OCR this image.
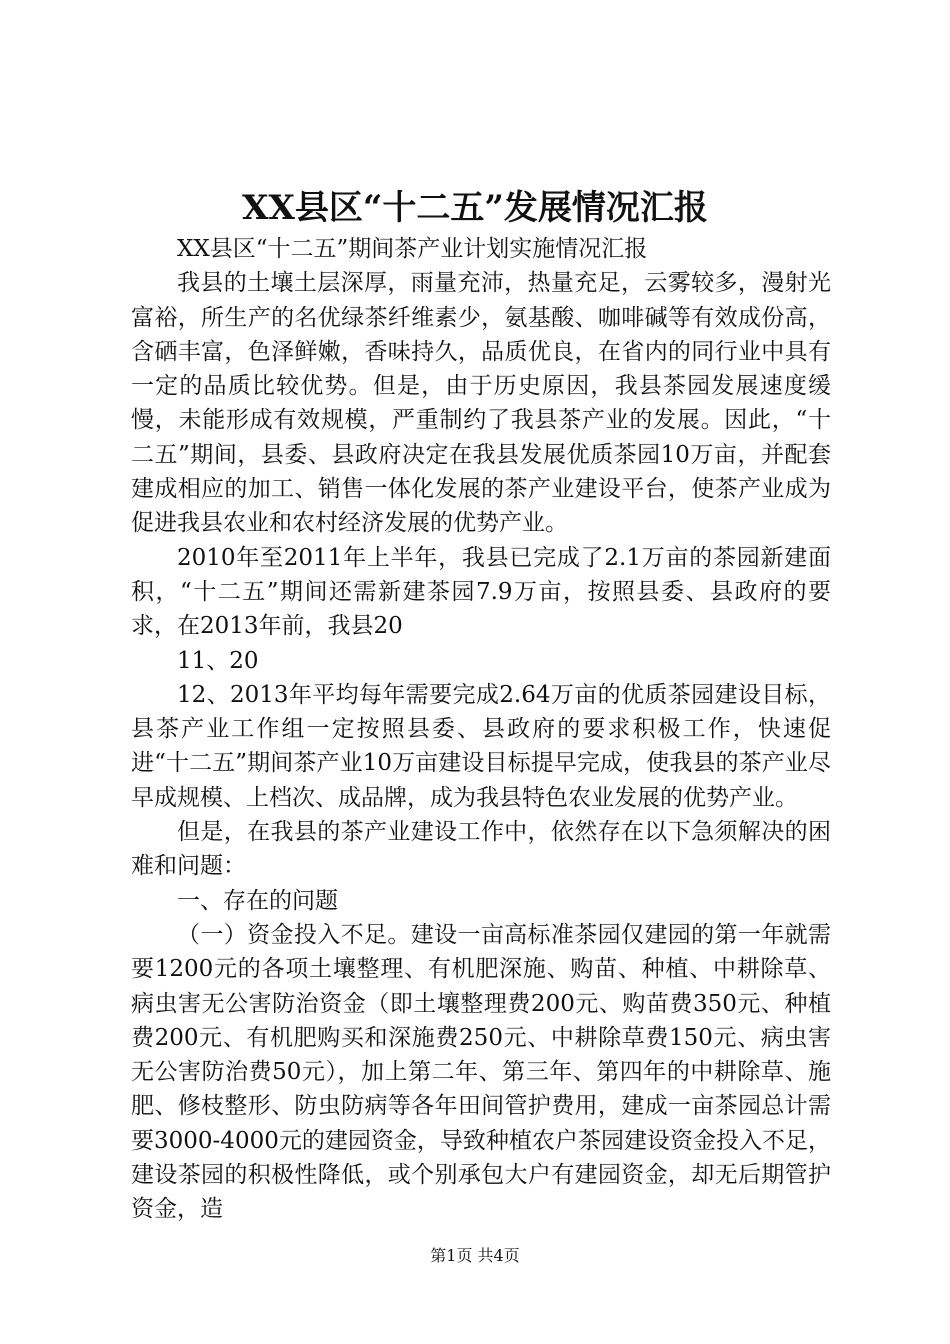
XX县区“十二五”发展情况汇报

XX县区“十二五”期间茶产业计划实施情况汇报

我县的土壤土层深厚，雨量充沛，热量充足，云雾较多，漫射光富裕，所生产的名优绿茶纤维素少，氨基酸、咖啡碱等有效成份高，含硒丰富，色泽鲜嫩，香味持久，品质优良，在省内的同行业中具有一定的品质比较优势。但是，由于历史原因，我县茶园发展速度缓慢，未能形成有效规模，严重制约了我县茶产业的发展。因此，“十二五”期间，县委、县政府决定在我县发展优质茶园10万亩，并配套建成相应的加工、销售一体化发展的茶产业建设平台，使茶产业成为促进我县农业和农村经济发展的优势产业。

2010年至2011年上半年，我县已完成了2.1万亩的茶园新建面积，“十二五”期间还需新建茶园7.9万亩，按照县委、县政府的要求，在2013年前，我县20

11、20

12、2013年平均每年需要完成2.64万亩的优质茶园建设目标，县茶产业工作组一定按照县委、县政府的要求积极工作，快速促进“十二五”期间茶产业10万亩建设目标提早完成，使我县的茶产业尽早成规模、上档次、成品牌，成为我县特色农业发展的优势产业。

但是，在我县的茶产业建设工作中，依然存在以下急须解决的困难和问题：

一、存在的问题

（一）资金投入不足。建设一亩高标准茶园仅建园的第一年就需要1200元的各项土壤整理、有机肥深施、购苗、种植、中耕除草、病虫害无公害防治资金（即土壤整理费200元、购苗费350元、种植费200元、有机肥购买和深施费250元、中耕除草费150元、病虫害无公害防治费50元），加上第二年、第三年、第四年的中耕除草、施肥、修枝整形、防虫防病等各年田间管护费用，建成一亩茶园总计需要3000-4000元的建园资金，导致种植农户茶园建设资金投入不足，建设茶园的积极性降低，或个别承包大户有建园资金，却无后期管护资金，造

第1页 共4页
